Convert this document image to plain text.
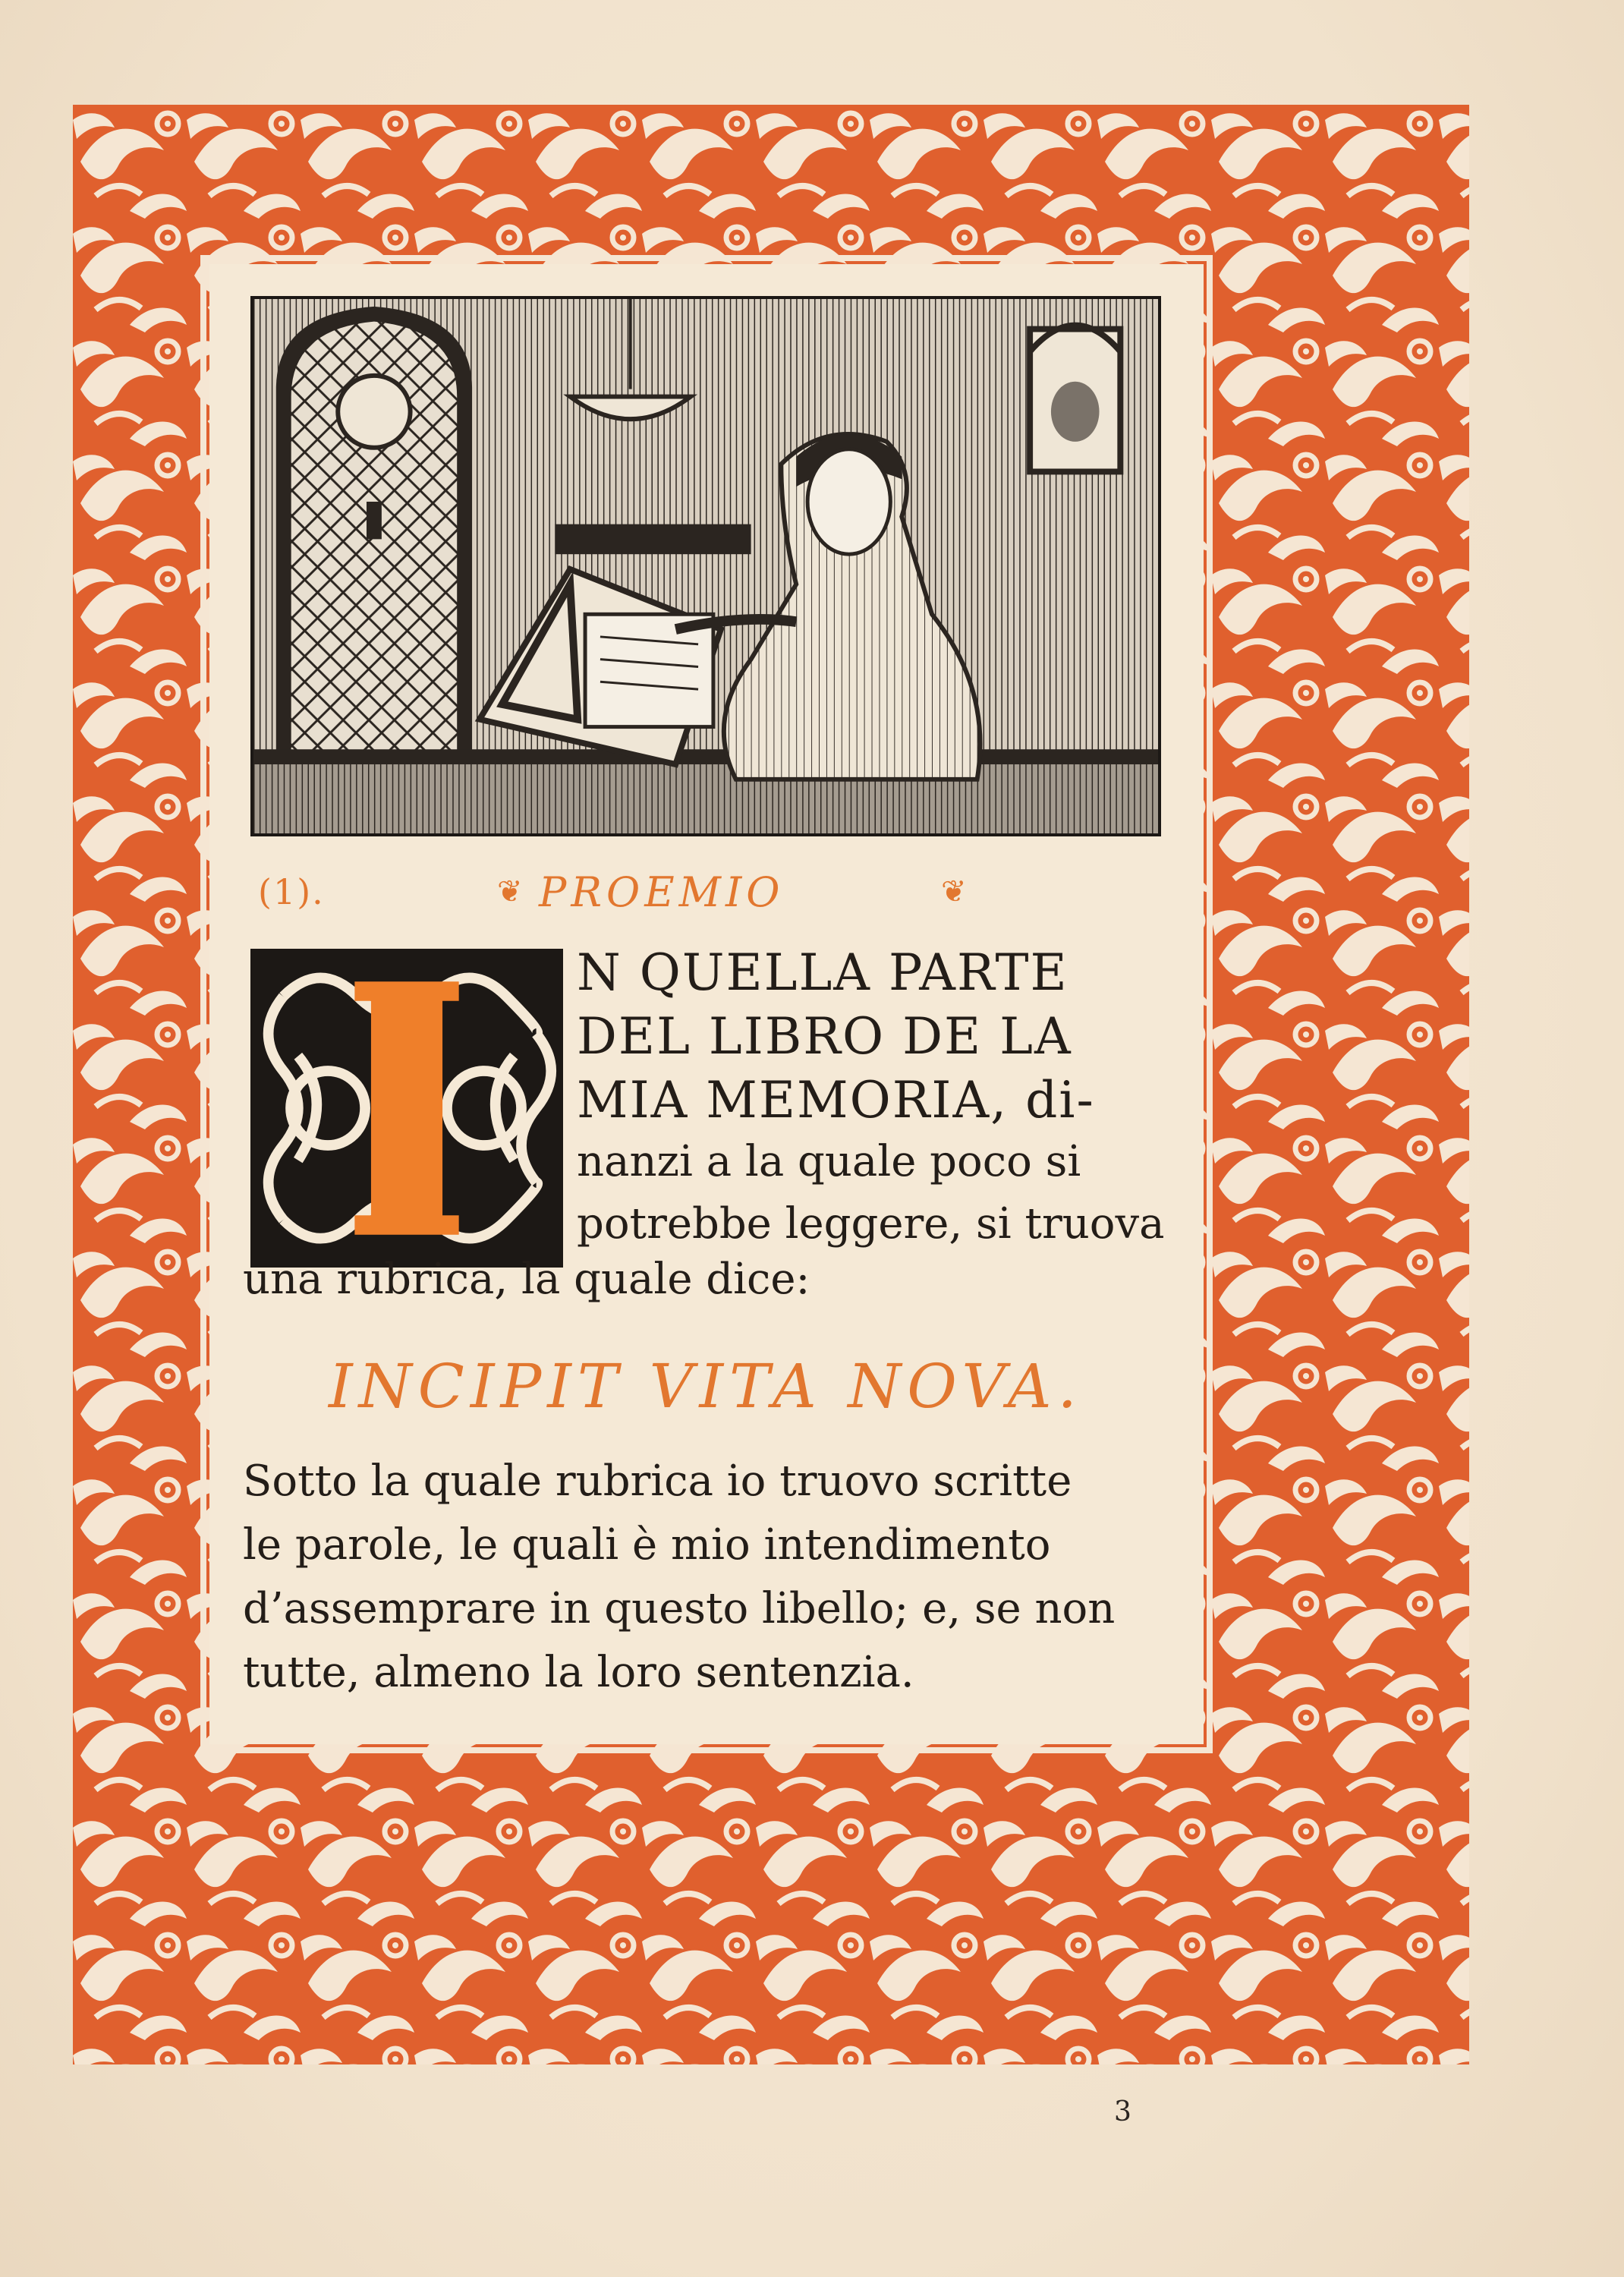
(1).	❦ PROEMIO	❦
I	N QUELLA PARTE
DEL LIBRO DE LA
MIA MEMORIA, di-
nanzi a la quale poco si
potrebbe leggere, si truova
una rubrica, la quale dice:
INCIPIT VITA NOVA.
Sotto la quale rubrica io truovo scritte
le parole, le quali è mio intendimento
d’assemprare in questo libello; e, se non
tutte, almeno la loro sentenzia.
3
